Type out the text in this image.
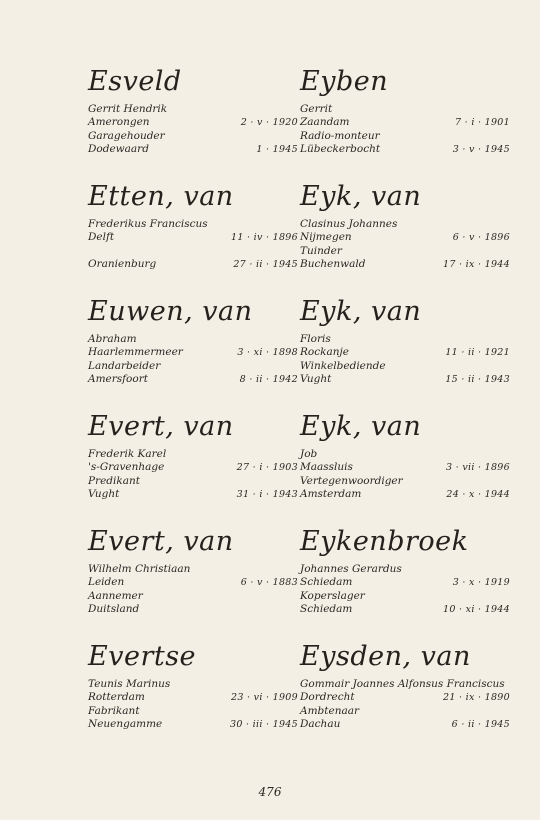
Esveld
Gerrit Hendrik
Amerongen	2 · v · 1920
Garagehouder
Dodewaard	1 · 1945
Etten, van
Frederikus Franciscus
Delft	11 · iv · 1896
Oranienburg	27 · ii · 1945
Euwen, van
Abraham
Haarlemmermeer	3 · xi · 1898
Landarbeider
Amersfoort	8 · ii · 1942
Evert, van
Frederik Karel
's-Gravenhage	27 · i · 1903
Predikant
Vught	31 · i · 1943
Evert, van
Wilhelm Christiaan
Leiden	6 · v · 1883
Aannemer
Duitsland
Evertse
Teunis Marinus
Rotterdam	23 · vi · 1909
Fabrikant
Neuengamme	30 · iii · 1945
Eyben
Gerrit
Zaandam	7 · i · 1901
Radio-monteur
Lübeckerbocht	3 · v · 1945
Eyk, van
Clasinus Johannes
Nijmegen	6 · v · 1896
Tuinder
Buchenwald	17 · ix · 1944
Eyk, van
Floris
Rockanje	11 · ii · 1921
Winkelbediende
Vught	15 · ii · 1943
Eyk, van
Job
Maassluis	3 · vii · 1896
Vertegenwoordiger
Amsterdam	24 · x · 1944
Eykenbroek
Johannes Gerardus
Schiedam	3 · x · 1919
Koperslager
Schiedam	10 · xi · 1944
Eysden, van
Gommair Joannes Alfonsus Franciscus
Dordrecht	21 · ix · 1890
Ambtenaar
Dachau	6 · ii · 1945
476
